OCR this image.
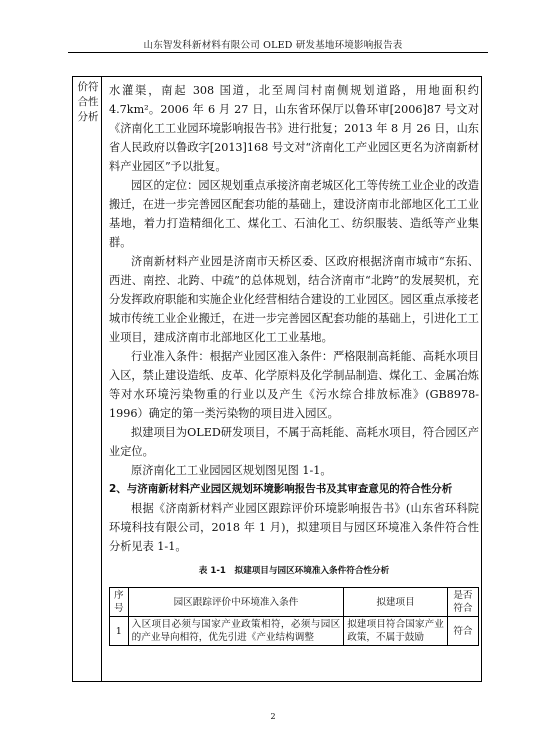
山东智发科新材料有限公司 OLED 研发基地环境影响报告表
价符
合性
分析

水灌渠，南起 308 国道，北至周闫村南侧规划道路，用地面积约 4.7km²。2006 年 6 月 27 日，山东省环保厅以鲁环审[2006]87 号文对《济南化工工业园环境影响报告书》进行批复；2013 年 8 月 26 日，山东省人民政府以鲁政字[2013]168 号文对“济南化工产业园区更名为济南新材料产业园区”予以批复。

园区的定位：园区规划重点承接济南老城区化工等传统工业企业的改造搬迁，在进一步完善园区配套功能的基础上，建设济南市北部地区化工工业基地，着力打造精细化工、煤化工、石油化工、纺织服装、造纸等产业集群。

济南新材料产业园是济南市天桥区委、区政府根据济南市城市“东拓、西进、南控、北跨、中疏”的总体规划，结合济南市“北跨”的发展契机，充分发挥政府职能和实施企业化经营相结合建设的工业园区。园区重点承接老城市传统工业企业搬迁，在进一步完善园区配套功能的基础上，引进化工工业项目，建成济南市北部地区化工工业基地。

行业准入条件：根据产业园区准入条件：严格限制高耗能、高耗水项目入区，禁止建设造纸、皮革、化学原料及化学制品制造、煤化工、金属冶炼等对水环境污染物重的行业以及产生《污水综合排放标准》(GB8978-1996）确定的第一类污染物的项目进入园区。

拟建项目为OLED研发项目，不属于高耗能、高耗水项目，符合园区产业定位。

原济南化工工业园园区规划图见图 1-1。

2、与济南新材料产业园区规划环境影响报告书及其审查意见的符合性分析

根据《济南新材料产业园区跟踪评价环境影响报告书》(山东省环科院环境科技有限公司，2018 年 1 月)，拟建项目与园区环境准入条件符合性分析见表 1-1。

表 1-1　拟建项目与园区环境准入条件符合性分析
序号	园区跟踪评价中环境准入条件	拟建项目	是否符合
1	入区项目必须与国家产业政策相符，必须与园区的产业导向相符，优先引进《产业结构调整	拟建项目符合国家产业政策，不属于鼓励	符合
2
